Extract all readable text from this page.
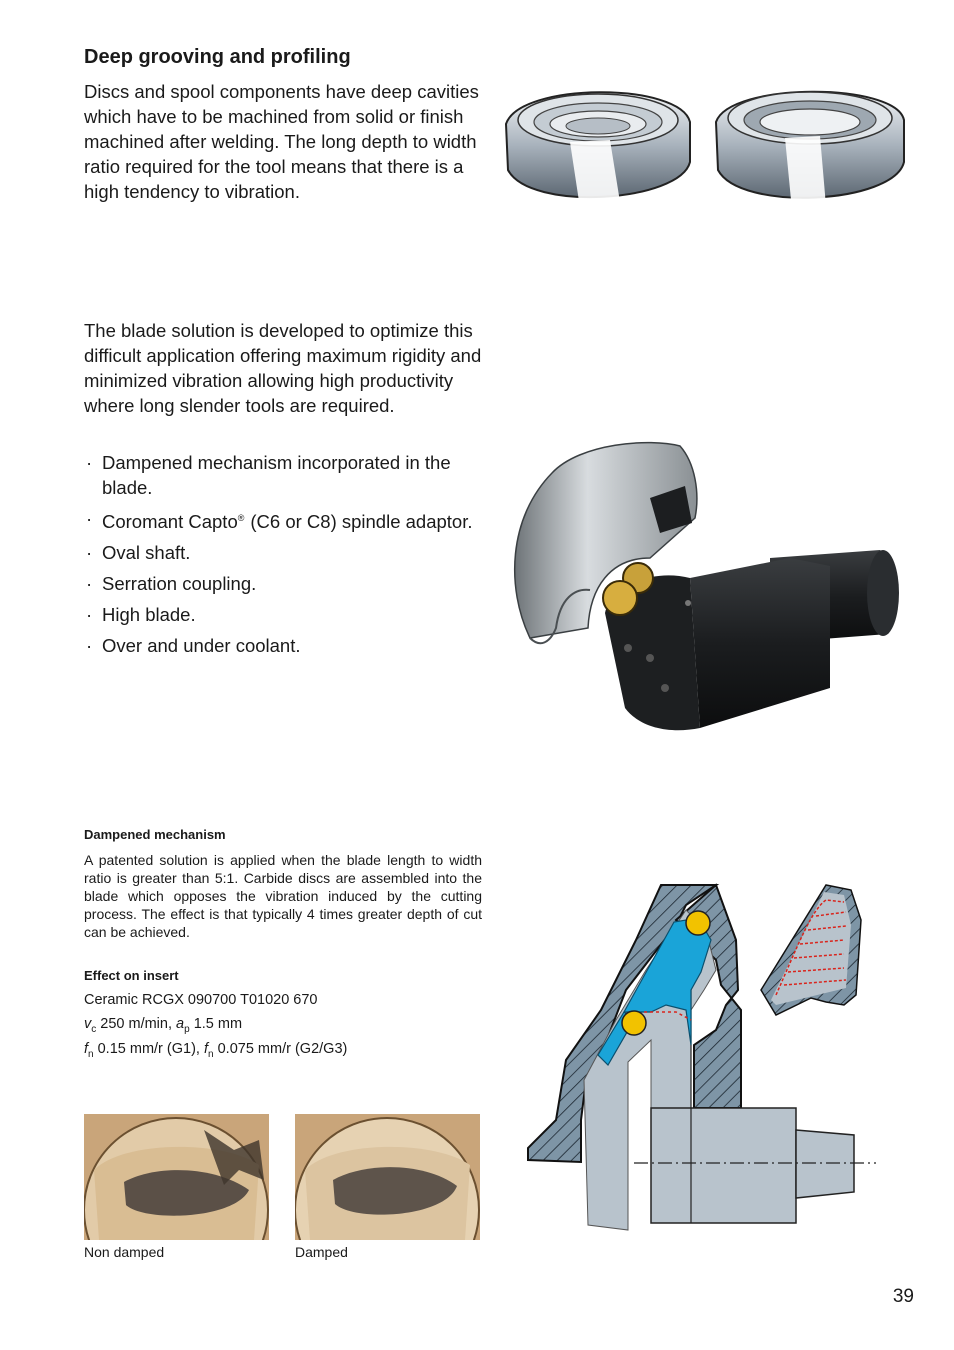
Deep grooving and profiling

Discs and spool components have deep cavities which have to be machined from solid or finish machined after welding. The long depth to width ratio required for the tool means that there is a high tendency to vibration.

The blade solution is developed to optimize this difficult application offering maximum rigidity and minimized vibration allowing high productivity where long slender tools are required.

· Dampened mechanism incorporated in the blade.
· Coromant Capto® (C6 or C8) spindle adaptor.
· Oval shaft.
· Serration coupling.
· High blade.
· Over and under coolant.
Dampened mechanism

A patented solution is applied when the blade length to width ratio is greater than 5:1. Carbide discs are assembled into the blade which opposes the vibration induced by the cutting process. The effect is that typically 4 times greater depth of cut can be achieved.

Effect on insert

Ceramic RCGX 090700 T01020 670

$v_c$ 250 m/min, $a_p$ 1.5 mm

$f_n$ 0.15 mm/r (G1), $f_n$ 0.075 mm/r (G2/G3)

Non damped	Damped
39
